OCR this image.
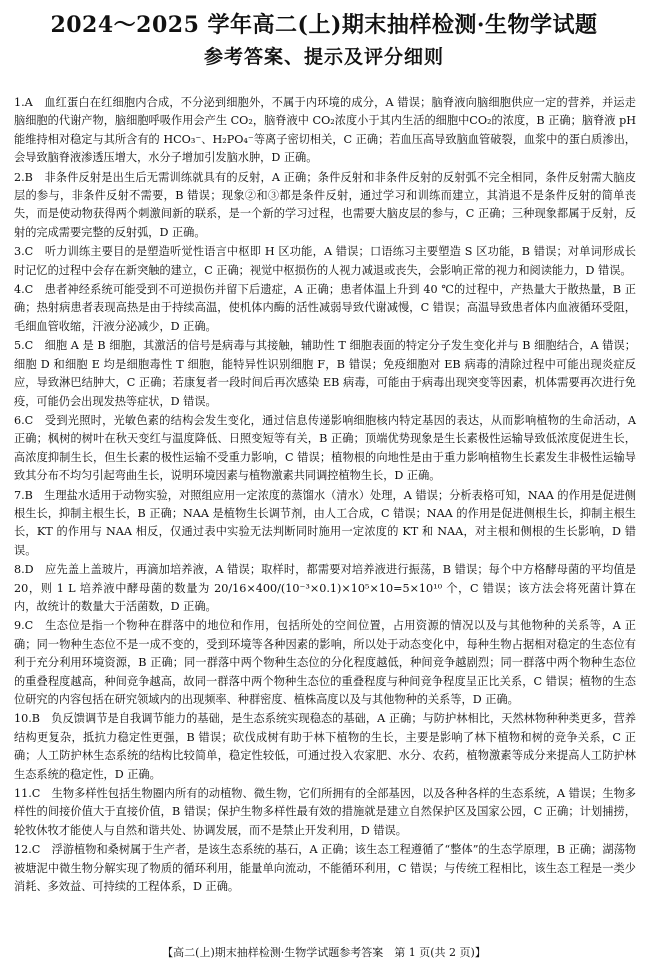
2024～2025 学年高二(上)期末抽样检测·生物学试题
参考答案、提示及评分细则
1.A　血红蛋白在红细胞内合成，不分泌到细胞外，不属于内环境的成分，A 错误；脑脊液向脑细胞供应一定的营养，并运走脑细胞的代谢产物，脑细胞呼吸作用会产生 CO₂，脑脊液中 CO₂浓度小于其内生活的细胞中CO₂的浓度，B 正确；脑脊液 pH 能维持相对稳定与其所含有的 HCO₃⁻、H₂PO₄⁻等离子密切相关，C 正确；若血压高导致脑血管破裂，血浆中的蛋白质渗出，会导致脑脊液渗透压增大，水分子增加引发脑水肿，D 正确。
2.B　非条件反射是出生后无需训练就具有的反射，A 正确；条件反射和非条件反射的反射弧不完全相同，条件反射需大脑皮层的参与，非条件反射不需要，B 错误；现象②和③都是条件反射，通过学习和训练而建立，其消退不是条件反射的简单丧失，而是使动物获得两个刺激间新的联系，是一个新的学习过程，也需要大脑皮层的参与，C 正确；三种现象都属于反射，反射的完成需要完整的反射弧，D 正确。
3.C　听力训练主要目的是塑造听觉性语言中枢即 H 区功能，A 错误；口语练习主要塑造 S 区功能，B 错误；对单词形成长时记忆的过程中会存在新突触的建立，C 正确；视觉中枢损伤的人视力减退或丧失，会影响正常的视力和阅读能力，D 错误。
4.C　患者神经系统可能受到不可逆损伤并留下后遗症，A 正确；患者体温上升到 40 ℃的过程中，产热量大于散热量，B 正确；热射病患者表现高热是由于持续高温，使机体内酶的活性减弱导致代谢减慢，C 错误；高温导致患者体内血液循环受阻，毛细血管收缩，汗液分泌减少，D 正确。
5.C　细胞 A 是 B 细胞，其激活的信号是病毒与其接触，辅助性 T 细胞表面的特定分子发生变化并与 B 细胞结合，A 错误；细胞 D 和细胞 E 均是细胞毒性 T 细胞，能特异性识别细胞 F，B 错误；免疫细胞对 EB 病毒的清除过程中可能出现炎症反应，导致淋巴结肿大，C 正确；若康复者一段时间后再次感染 EB 病毒，可能由于病毒出现突变等因素，机体需要再次进行免疫，可能仍会出现发热等症状，D 错误。
6.C　受到光照时，光敏色素的结构会发生变化，通过信息传递影响细胞核内特定基因的表达，从而影响植物的生命活动，A 正确；枫树的树叶在秋天变红与温度降低、日照变短等有关，B 正确；顶端优势现象是生长素极性运输导致低浓度促进生长，高浓度抑制生长，但生长素的极性运输不受重力影响，C 错误；植物根的向地性是由于重力影响植物生长素发生非极性运输导致其分布不均匀引起弯曲生长，说明环境因素与植物激素共同调控植物生长，D 正确。
7.B　生理盐水适用于动物实验，对照组应用一定浓度的蒸馏水（清水）处理，A 错误；分析表格可知，NAA 的作用是促进侧根生长，抑制主根生长，B 正确；NAA 是植物生长调节剂，由人工合成，C 错误；NAA 的作用是促进侧根生长，抑制主根生长，KT 的作用与 NAA 相反，仅通过表中实验无法判断同时施用一定浓度的 KT 和 NAA，对主根和侧根的生长影响，D 错误。
8.D　应先盖上盖玻片，再滴加培养液，A 错误；取样时，都需要对培养液进行振荡，B 错误；每个中方格酵母菌的平均值是 20，则 1 L 培养液中酵母菌的数量为 20/16×400/(10⁻³×0.1)×10⁵×10=5×10¹⁰ 个，C 错误；该方法会将死菌计算在内，故统计的数量大于活菌数，D 正确。
9.C　生态位是指一个物种在群落中的地位和作用，包括所处的空间位置，占用资源的情况以及与其他物种的关系等，A 正确；同一物种生态位不是一成不变的，受到环境等各种因素的影响，所以处于动态变化中，每种生物占据相对稳定的生态位有利于充分利用环境资源，B 正确；同一群落中两个物种生态位的分化程度越低，种间竞争越剧烈；同一群落中两个物种生态位的重叠程度越高，种间竞争越高，故同一群落中两个物种生态位的重叠程度与种间竞争程度呈正比关系，C 错误；植物的生态位研究的内容包括在研究领域内的出现频率、种群密度、植株高度以及与其他物种的关系等，D 正确。
10.B　负反馈调节是自我调节能力的基础，是生态系统实现稳态的基础，A 正确；与防护林相比，天然林物种种类更多，营养结构更复杂，抵抗力稳定性更强，B 错误；砍伐成树有助于林下植物的生长，主要是影响了林下植物和树的竞争关系，C 正确；人工防护林生态系统的结构比较简单，稳定性较低，可通过投入农家肥、水分、农药，植物激素等成分来提高人工防护林生态系统的稳定性，D 正确。
11.C　生物多样性包括生物圈内所有的动植物、微生物，它们所拥有的全部基因，以及各种各样的生态系统，A 错误；生物多样性的间接价值大于直接价值，B 错误；保护生物多样性最有效的措施就是建立自然保护区及国家公园，C 正确；计划捕捞，轮牧休牧才能使人与自然和谐共处、协调发展，而不是禁止开发利用，D 错误。
12.C　浮游植物和桑树属于生产者，是该生态系统的基石，A 正确；该生态工程遵循了“整体”的生态学原理，B 正确；湖荡物被塘泥中微生物分解实现了物质的循环利用，能量单向流动，不能循环利用，C 错误；与传统工程相比，该生态工程是一类少消耗、多效益、可持续的工程体系，D 正确。
【高二(上)期末抽样检测·生物学试题参考答案　第 1 页(共 2 页)】
